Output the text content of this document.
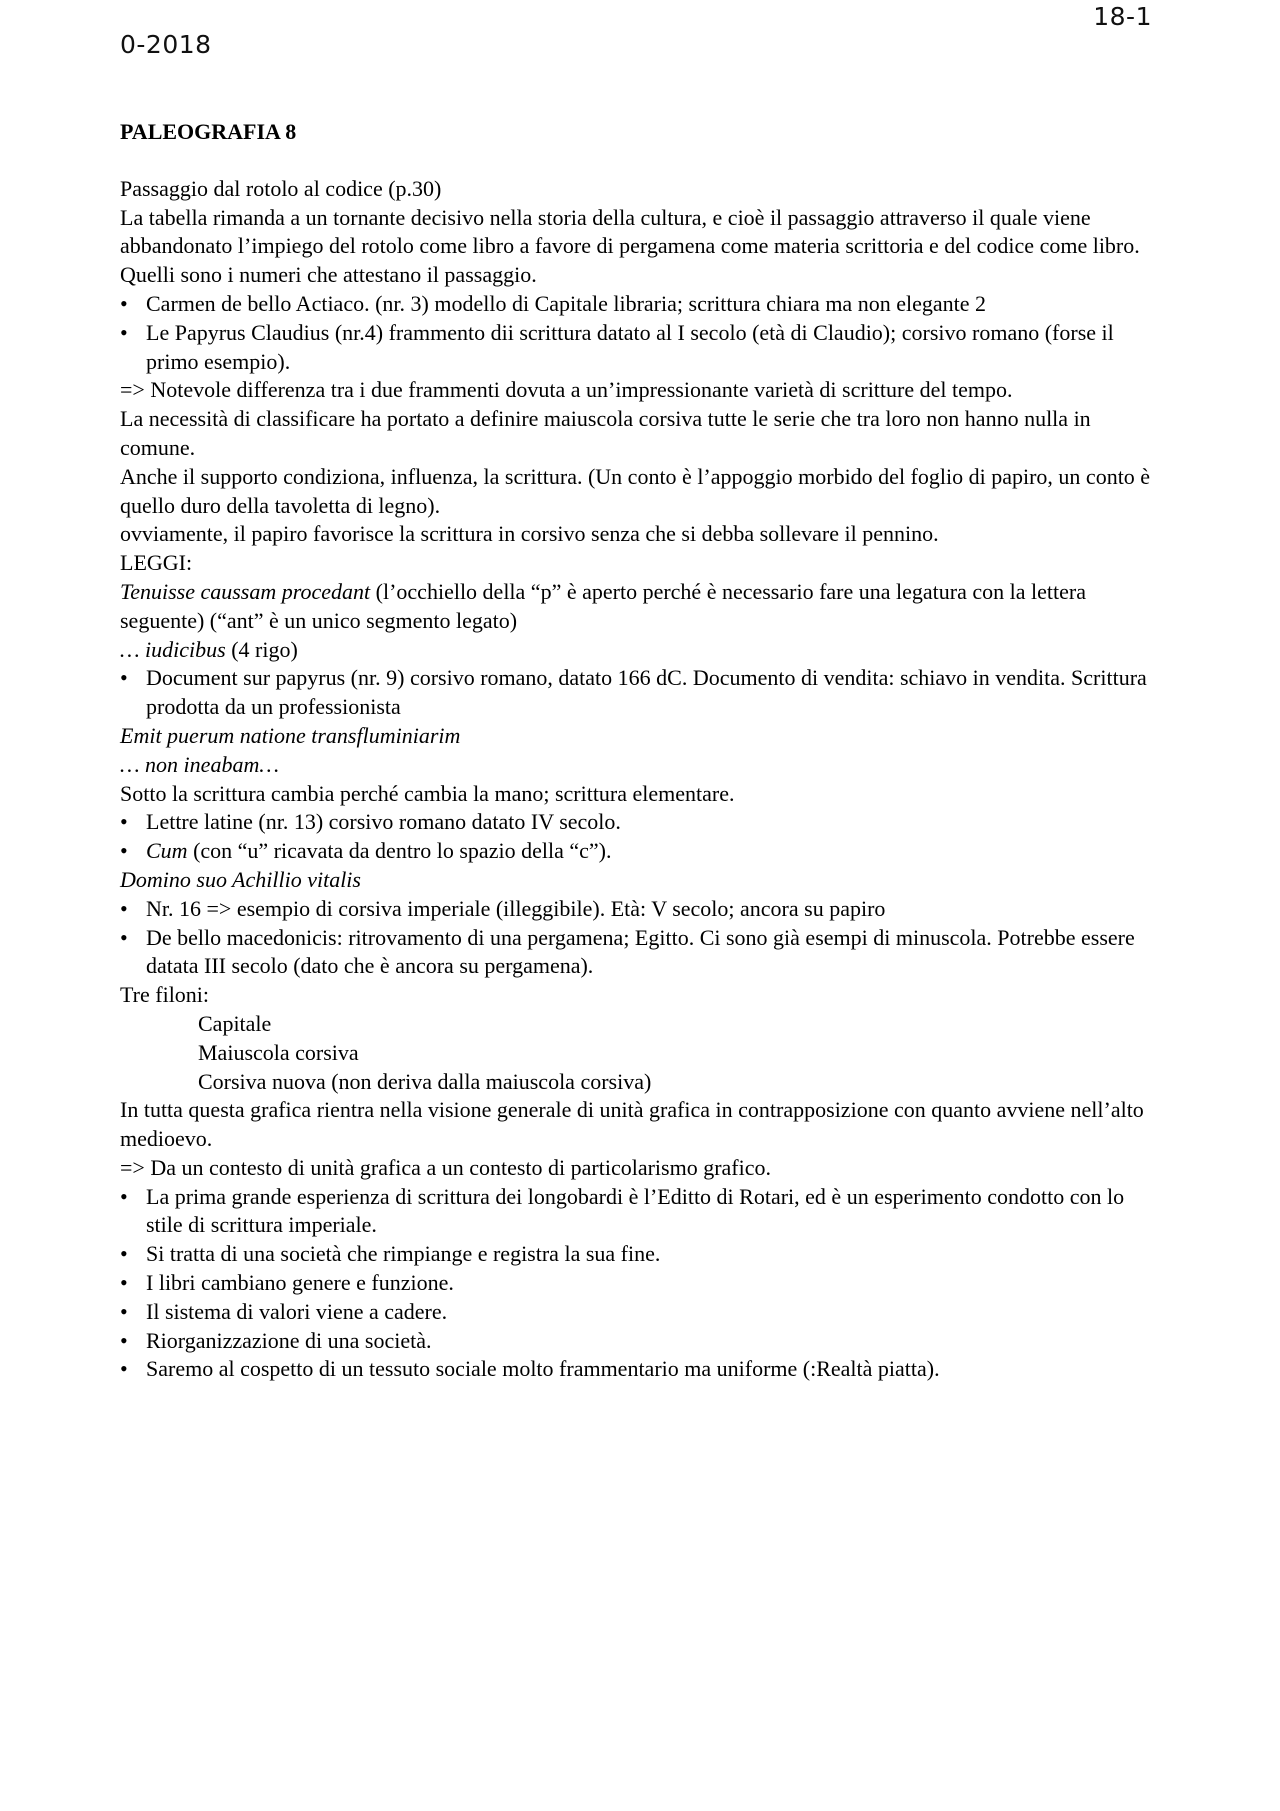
0-2018
18-1

PALEOGRAFIA 8

Passaggio dal rotolo al codice (p.30)

La tabella rimanda a un tornante decisivo nella storia della cultura, e cioè il passaggio attraverso il quale viene abbandonato l’impiego del rotolo come libro a favore di pergamena come materia scrittoria e del codice come libro. Quelli sono i numeri che attestano il passaggio.

• Carmen de bello Actiaco. (nr. 3) modello di Capitale libraria; scrittura chiara ma non elegante 2
• Le Papyrus Claudius (nr.4) frammento dii scrittura datato al I secolo (età di Claudio); corsivo romano (forse il primo esempio).

=> Notevole differenza tra i due frammenti dovuta a un’impressionante varietà di scritture del tempo.

La necessità di classificare ha portato a definire maiuscola corsiva tutte le serie che tra loro non hanno nulla in comune.

Anche il supporto condiziona, influenza, la scrittura. (Un conto è l’appoggio morbido del foglio di papiro, un conto è quello duro della tavoletta di legno).

ovviamente, il papiro favorisce la scrittura in corsivo senza che si debba sollevare il pennino.

LEGGI:

Tenuisse caussam procedant (l’occhiello della “p” è aperto perché è necessario fare una legatura con la lettera seguente) (“ant” è un unico segmento legato)

… iudicibus (4 rigo)

• Document sur papyrus (nr. 9) corsivo romano, datato 166 dC. Documento di vendita: schiavo in vendita. Scrittura prodotta da un professionista

Emit puerum natione transfluminiarim

… non ineabam…

Sotto la scrittura cambia perché cambia la mano; scrittura elementare.

• Lettre latine (nr. 13) corsivo romano datato IV secolo.
• Cum (con “u” ricavata da dentro lo spazio della “c”).

Domino suo Achillio vitalis

• Nr. 16 => esempio di corsiva imperiale (illeggibile). Età: V secolo; ancora su papiro
• De bello macedonicis: ritrovamento di una pergamena; Egitto. Ci sono già esempi di minuscola. Potrebbe essere datata III secolo (dato che è ancora su pergamena).

Tre filoni:

Capitale

Maiuscola corsiva

Corsiva nuova (non deriva dalla maiuscola corsiva)

In tutta questa grafica rientra nella visione generale di unità grafica in contrapposizione con quanto avviene nell’alto medioevo.

=> Da un contesto di unità grafica a un contesto di particolarismo grafico.

• La prima grande esperienza di scrittura dei longobardi è l’Editto di Rotari, ed è un esperimento condotto con lo stile di scrittura imperiale.
• Si tratta di una società che rimpiange e registra la sua fine.
• I libri cambiano genere e funzione.
• Il sistema di valori viene a cadere.
• Riorganizzazione di una società.
• Saremo al cospetto di un tessuto sociale molto frammentario ma uniforme (:Realtà piatta).
